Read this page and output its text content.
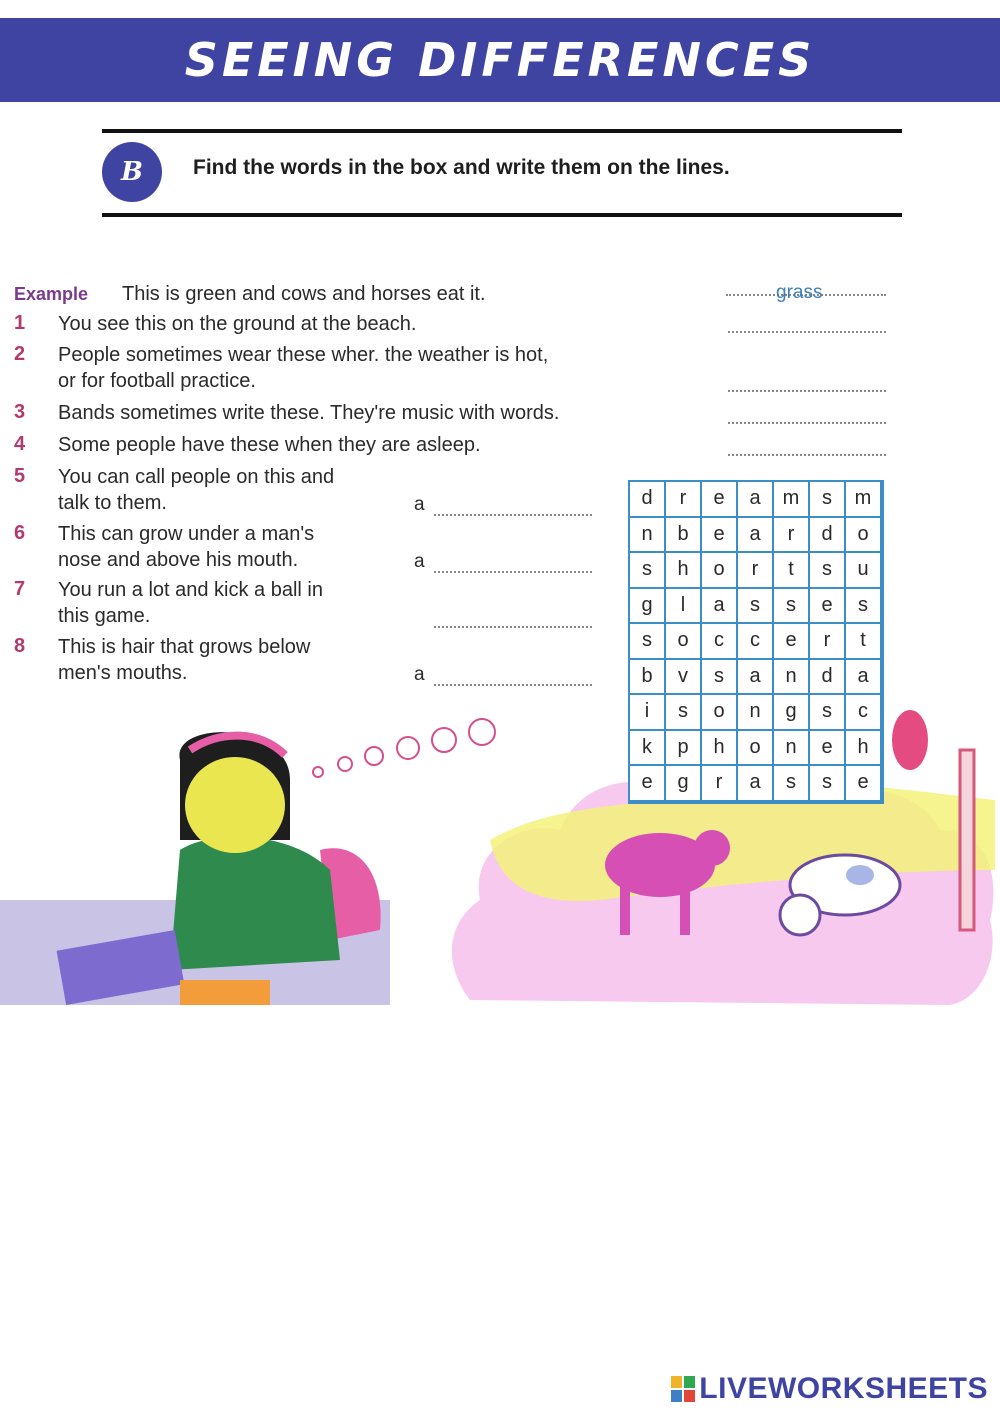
SEEING DIFFERENCES
B	Find the words in the box and write them on the lines.
Example This is green and cows and horses eat it.	grass
1 You see this on the ground at the beach.
2 People sometimes wear these wher. the weather is hot,
or for football practice.
3 Bands sometimes write these. They're music with words.
4 Some people have these when they are asleep.
5 You can call people on this and
talk to them.	a
6 This can grow under a man's
nose and above his mouth.	a
7 You run a lot and kick a ball in
this game.
8 This is hair that grows below
men's mouths.	a
d	r	e	a	m	s	m
n	b	e	a	r	d	o
s	h	o	r	t	s	u
g	l	a	s	s	e	s
s	o	c	c	e	r	t
b	v	s	a	n	d	a
i	s	o	n	g	s	c
k	p	h	o	n	e	h
e	g	r	a	s	s	e
LIVEWORKSHEETS
